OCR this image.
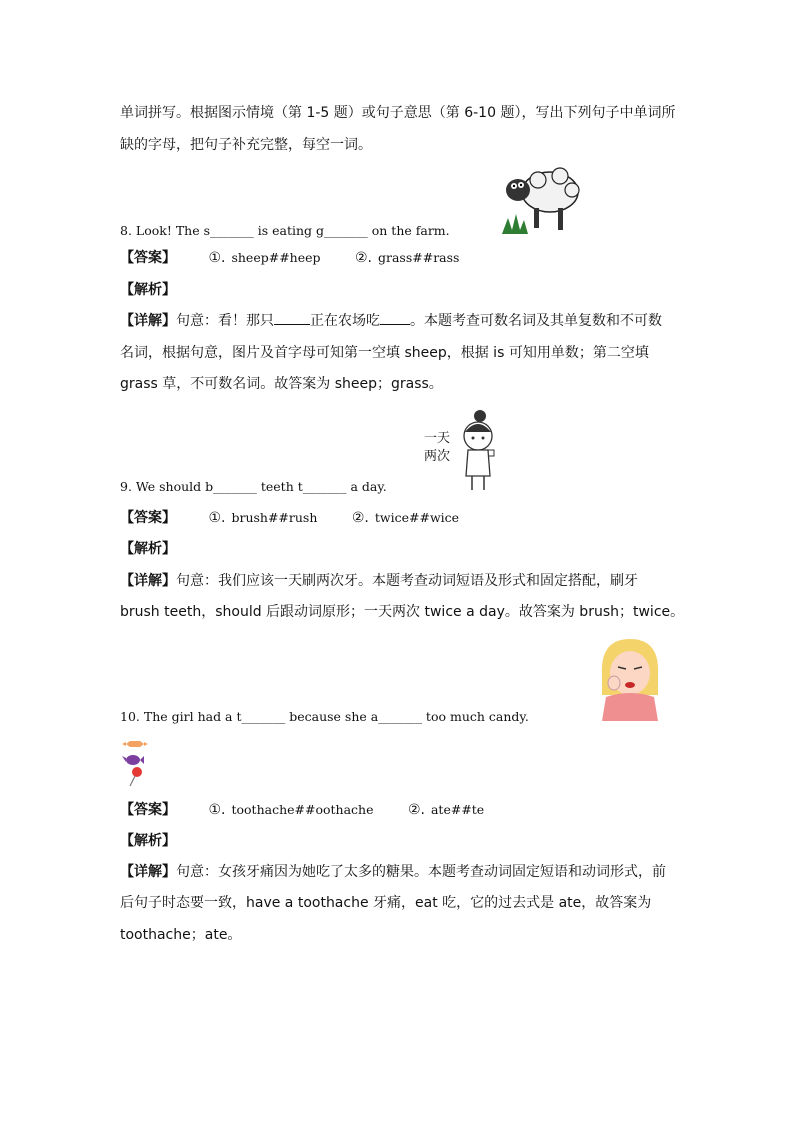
单词拼写。根据图示情境（第 1-5 题）或句子意思（第 6-10 题），写出下列句子中单词所
缺的字母，把句子补充完整，每空一词。
8. Look! The s_______ is eating g_______ on the farm.
【答案】 ①. sheep##heep ②. grass##rass
【解析】
【详解】句意：看！那只	正在农场吃 。本题考查可数名词及其单复数和不可数
名词，根据句意，图片及首字母可知第一空填 sheep，根据 is 可知用单数；第二空填
grass 草，不可数名词。故答案为 sheep；grass。
一天
两次
9. We should b_______ teeth t_______ a day.
【答案】 ①. brush##rush ②. twice##wice
【解析】
【详解】句意：我们应该一天刷两次牙。本题考查动词短语及形式和固定搭配，刷牙
brush teeth，should 后跟动词原形；一天两次 twice a day。故答案为 brush；twice。
10. The girl had a t_______ because she a_______ too much candy.
【答案】 ①. toothache##oothache ②. ate##te
【解析】
【详解】句意：女孩牙痛因为她吃了太多的糖果。本题考查动词固定短语和动词形式，前
后句子时态要一致，have a toothache 牙痛，eat 吃，它的过去式是 ate，故答案为
toothache；ate。
